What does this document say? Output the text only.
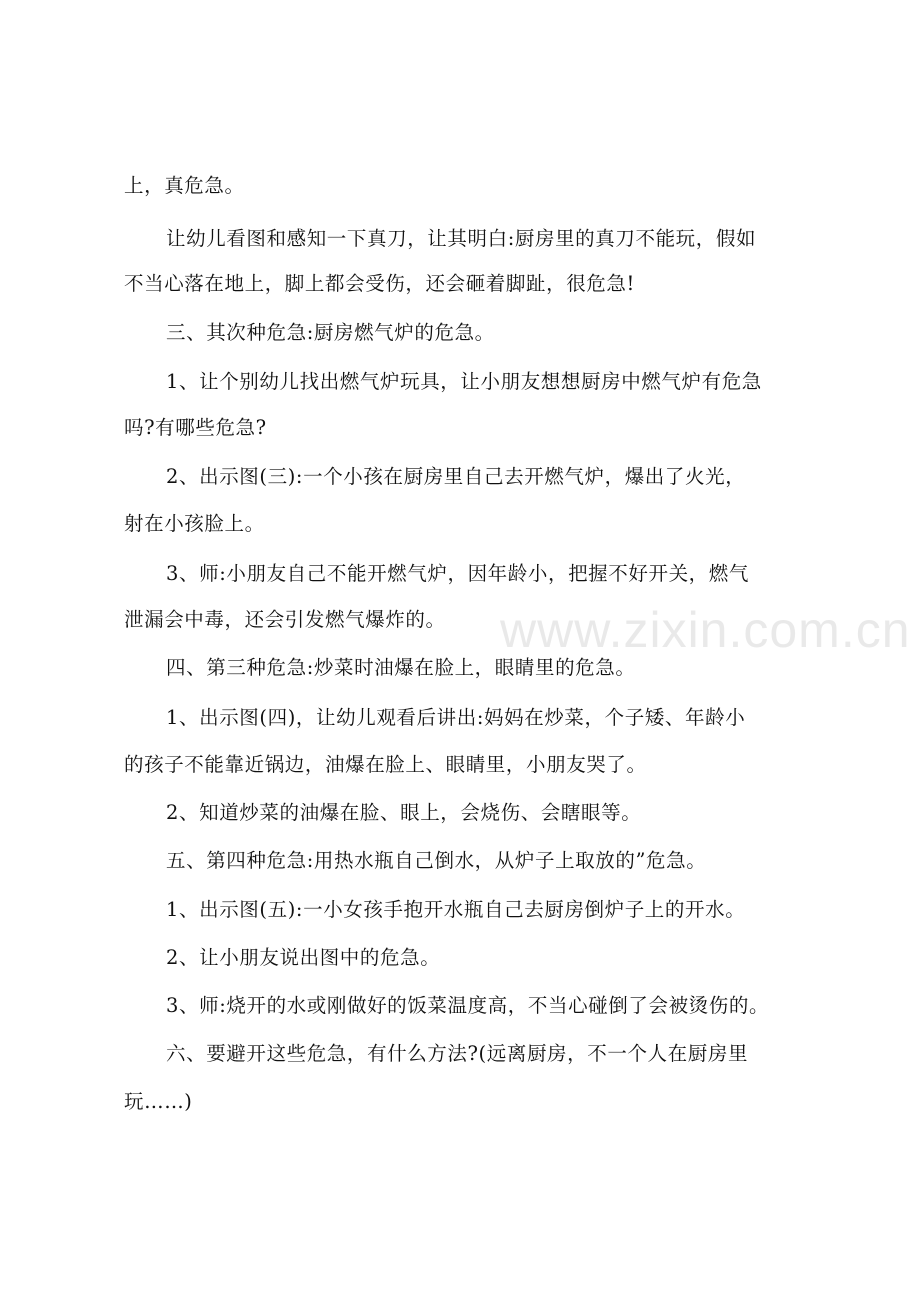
上，真危急。
让幼儿看图和感知一下真刀，让其明白:厨房里的真刀不能玩，假如
不当心落在地上，脚上都会受伤，还会砸着脚趾，很危急!
三、其次种危急:厨房燃气炉的危急。
1、让个别幼儿找出燃气炉玩具，让小朋友想想厨房中燃气炉有危急
吗?有哪些危急?
2、出示图(三):一个小孩在厨房里自己去开燃气炉，爆出了火光，
射在小孩脸上。
3、师:小朋友自己不能开燃气炉，因年龄小，把握不好开关，燃气
泄漏会中毒，还会引发燃气爆炸的。
四、第三种危急:炒菜时油爆在脸上，眼睛里的危急。
1、出示图(四)，让幼儿观看后讲出:妈妈在炒菜，个子矮、年龄小
的孩子不能靠近锅边，油爆在脸上、眼睛里，小朋友哭了。
2、知道炒菜的油爆在脸、眼上，会烧伤、会瞎眼等。
五、第四种危急:用热水瓶自己倒水，从炉子上取放的”危急。
1、出示图(五):一小女孩手抱开水瓶自己去厨房倒炉子上的开水。
2、让小朋友说出图中的危急。
3、师:烧开的水或刚做好的饭菜温度高，不当心碰倒了会被烫伤的。
六、要避开这些危急，有什么方法?(远离厨房，不一个人在厨房里
玩……)
www.zixin.com.cn
